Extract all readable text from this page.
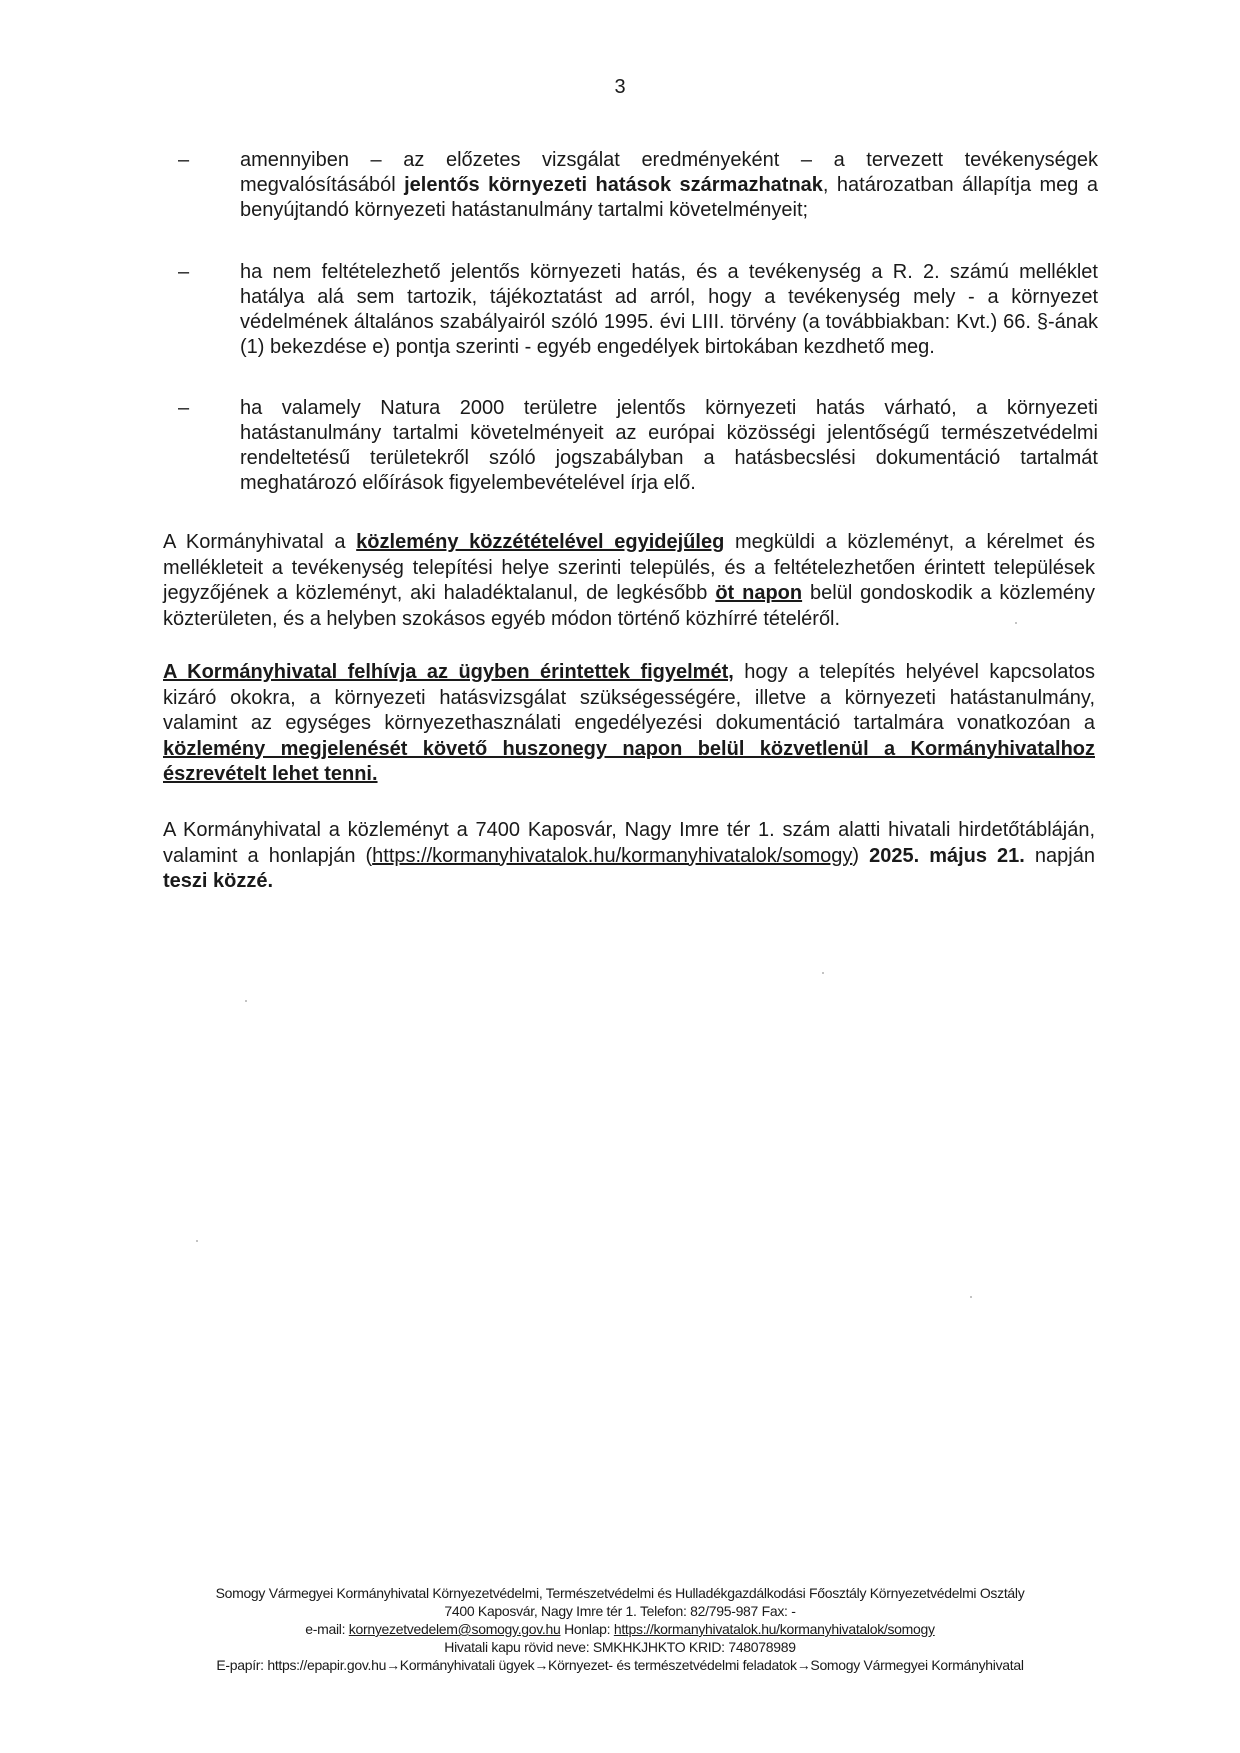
3
–	amennyiben – az előzetes vizsgálat eredményeként – a tervezett tevékenységek megvalósításából jelentős környezeti hatások származhatnak, határozatban állapítja meg a benyújtandó környezeti hatástanulmány tartalmi követelményeit;
–	ha nem feltételezhető jelentős környezeti hatás, és a tevékenység a R. 2. számú melléklet hatálya alá sem tartozik, tájékoztatást ad arról, hogy a tevékenység mely - a környezet védelmének általános szabályairól szóló 1995. évi LIII. törvény (a továbbiakban: Kvt.) 66. §-ának (1) bekezdése e) pontja szerinti - egyéb engedélyek birtokában kezdhető meg.
–	ha valamely Natura 2000 területre jelentős környezeti hatás várható, a környezeti hatástanulmány tartalmi követelményeit az európai közösségi jelentőségű természetvédelmi rendeltetésű területekről szóló jogszabályban a hatásbecslési dokumentáció tartalmát meghatározó előírások figyelembevételével írja elő.
A Kormányhivatal a közlemény közzétételével egyidejűleg megküldi a közleményt, a kérelmet és mellékleteit a tevékenység telepítési helye szerinti település, és a feltételezhetően érintett települések jegyzőjének a közleményt, aki haladéktalanul, de legkésőbb öt napon belül gondoskodik a közlemény közterületen, és a helyben szokásos egyéb módon történő közhírré tételéről.
A Kormányhivatal felhívja az ügyben érintettek figyelmét, hogy a telepítés helyével kapcsolatos kizáró okokra, a környezeti hatásvizsgálat szükségességére, illetve a környezeti hatástanulmány, valamint az egységes környezethasználati engedélyezési dokumentáció tartalmára vonatkozóan a közlemény megjelenését követő huszonegy napon belül közvetlenül a Kormányhivatalhoz észrevételt lehet tenni.
A Kormányhivatal a közleményt a 7400 Kaposvár, Nagy Imre tér 1. szám alatti hivatali hirdetőtábláján, valamint a honlapján (https://kormanyhivatalok.hu/kormanyhivatalok/somogy) 2025. május 21. napján teszi közzé.
Somogy Vármegyei Kormányhivatal Környezetvédelmi, Természetvédelmi és Hulladékgazdálkodási Főosztály Környezetvédelmi Osztály
7400 Kaposvár, Nagy Imre tér 1. Telefon: 82/795-987 Fax: -
e-mail: kornyezetvedelem@somogy.gov.hu Honlap: https://kormanyhivatalok.hu/kormanyhivatalok/somogy
Hivatali kapu rövid neve: SMKHKJHKTO KRID: 748078989
E-papír: https://epapir.gov.hu→Kormányhivatali ügyek→Környezet- és természetvédelmi feladatok→Somogy Vármegyei Kormányhivatal
